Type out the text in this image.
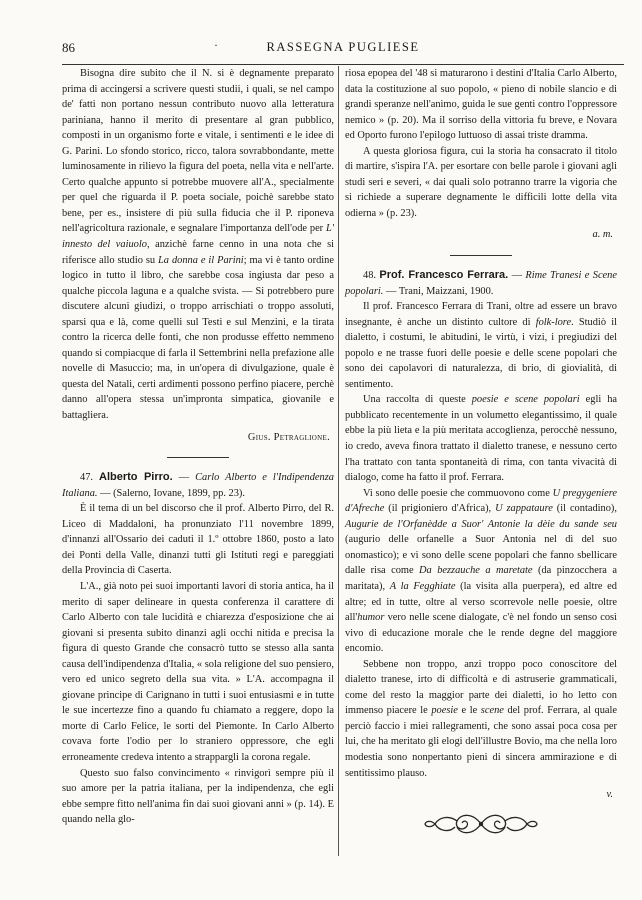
86	·	RASSEGNA PUGLIESE

Bisogna dire subito che il N. si è degnamente preparato prima di accingersi a scrivere questi studii, i quali, se nel campo de' fatti non portano nessun contributo nuovo alla letteratura pariniana, hanno il merito di presentare al gran pubblico, composti in un organismo forte e vitale, i sentimenti e le idee di G. Parini. Lo sfondo storico, ricco, talora sovrabbondante, mette luminosamente in rilievo la figura del poeta, nella vita e nell'arte. Certo qualche appunto si potrebbe muovere all'A., specialmente per quel che riguarda il P. poeta sociale, poichè sarebbe stato bene, per es., insistere di più sulla fiducia che il P. riponeva nell'agricoltura razionale, e segnalare l'importanza dell'ode per L' innesto del vaiuolo, anzichè farne cenno in una nota che si riferisce allo studio su La donna e il Parini; ma vi è tanto ordine logico in tutto il libro, che sarebbe cosa ingiusta dar peso a qualche piccola laguna e a qualche svista. — Si potrebbero pure discutere alcuni giudizi, o troppo arrischiati o troppo assoluti, sparsi qua e là, come quelli sul Testi e sul Menzini, e la tirata contro la ricerca delle fonti, che non produsse effetto nemmeno quando si compiacque di farla il Settembrini nella prefazione alle novelle di Masuccio; ma, in un'opera di divulgazione, quale è questa del Natali, certi ardimenti possono perfino piacere, perchè danno all'opera stessa un'impronta simpatica, giovanile e battagliera.

Gius. Petraglione.

47. Alberto Pirro. — Carlo Alberto e l'Indipendenza Italiana. — (Salerno, Iovane, 1899, pp. 23).

È il tema di un bel discorso che il prof. Alberto Pirro, del R. Liceo di Maddaloni, ha pronunziato l'11 novembre 1899, d'innanzi all'Ossario dei caduti il 1.º ottobre 1860, posto a lato dei Ponti della Valle, dinanzi tutti gli Istituti regi e pareggiati della Provincia di Caserta.

L'A., già noto pei suoi importanti lavori di storia antica, ha il merito di saper delineare in questa conferenza il carattere di Carlo Alberto con tale lucidità e chiarezza d'esposizione che ai giovani si presenta subito dinanzi agli occhi nitida e precisa la figura di questo Grande che consacrò tutto se stesso alla santa causa dell'indipendenza d'Italia, « sola religione del suo pensiero, vero ed unico segreto della sua vita. » L'A. accompagna il giovane principe di Carignano in tutti i suoi entusiasmi e in tutte le sue incertezze fino a quando fu chiamato a reggere, dopo la morte di Carlo Felice, le sorti del Piemonte. In Carlo Alberto covava forte l'odio per lo straniero oppressore, che egli erroneamente credeva intento a strappargli la corona regale.

Questo suo falso convincimento « rinvigorì sempre più il suo amore per la patria italiana, per la indipendenza, che egli ebbe sempre fitto nell'anima fin dai suoi giovani anni » (p. 14). E quando nella glo-

riosa epopea del '48 si maturarono i destini d'Italia Carlo Alberto, data la costituzione al suo popolo, « pieno di nobile slancio e di grandi speranze nell'animo, guida le sue genti contro l'oppressore nemico » (p. 20). Ma il sorriso della vittoria fu breve, e Novara ed Oporto furono l'epilogo luttuoso di assai triste dramma.

A questa gloriosa figura, cui la storia ha consacrato il titolo di martire, s'ispira l'A. per esortare con belle parole i giovani agli studi seri e severi, « dai quali solo potranno trarre la vigoria che si richiede a superare degnamente le difficili lotte della vita odierna » (p. 23).

a. m.

48. Prof. Francesco Ferrara. — Rime Tranesi e Scene popolari. — Trani, Maizzani, 1900.

Il prof. Francesco Ferrara di Trani, oltre ad essere un bravo insegnante, è anche un distinto cultore di folk-lore. Studiò il dialetto, i costumi, le abitudini, le virtù, i vizi, i pregiudizi del popolo e ne trasse fuori delle poesie e delle scene popolari che sono dei capolavori di naturalezza, di brio, di giovialità, di sentimento.

Una raccolta di queste poesie e scene popolari egli ha pubblicato recentemente in un volumetto elegantissimo, il quale ebbe la più lieta e la più meritata accoglienza, perocchè nessuno, io credo, aveva finora trattato il dialetto tranese, e nessuno certo l'ha trattato con tanta spontaneità di rima, con tanta vivacità di dialogo, come ha fatto il prof. Ferrara.

Vi sono delle poesie che commuovono come U pregygeniere d'Afreche (il prigioniero d'Africa), U zappataure (il contadino), Augurie de l'Orfanèdde a Suor' Antonie la dèie du sande seu (augurio delle orfanelle a Suor Antonia nel dì del suo onomastico); e vi sono delle scene popolari che fanno sbellicare dalle risa come Da bezzauche a maretate (da pinzocchera a maritata), A la Fegghiate (la visita alla puerpera), ed altre ed altre; ed in tutte, oltre al verso scorrevole nelle poesie, oltre all'humor vero nelle scene dialogate, c'è nel fondo un senso così vivo di educazione morale che le rende degne del maggiore encomio.

Sebbene non troppo, anzi troppo poco conoscitore del dialetto tranese, irto di difficoltà e di astruserie grammaticali, come del resto la maggior parte dei dialetti, io ho letto con immenso piacere le poesie e le scene del prof. Ferrara, al quale perciò faccio i miei rallegramenti, che sono assai poca cosa per lui, che ha meritato gli elogi dell'illustre Bovio, ma che nella loro modestia sono nonpertanto pieni di sincera ammirazione e di sentitissimo plauso.

v.
